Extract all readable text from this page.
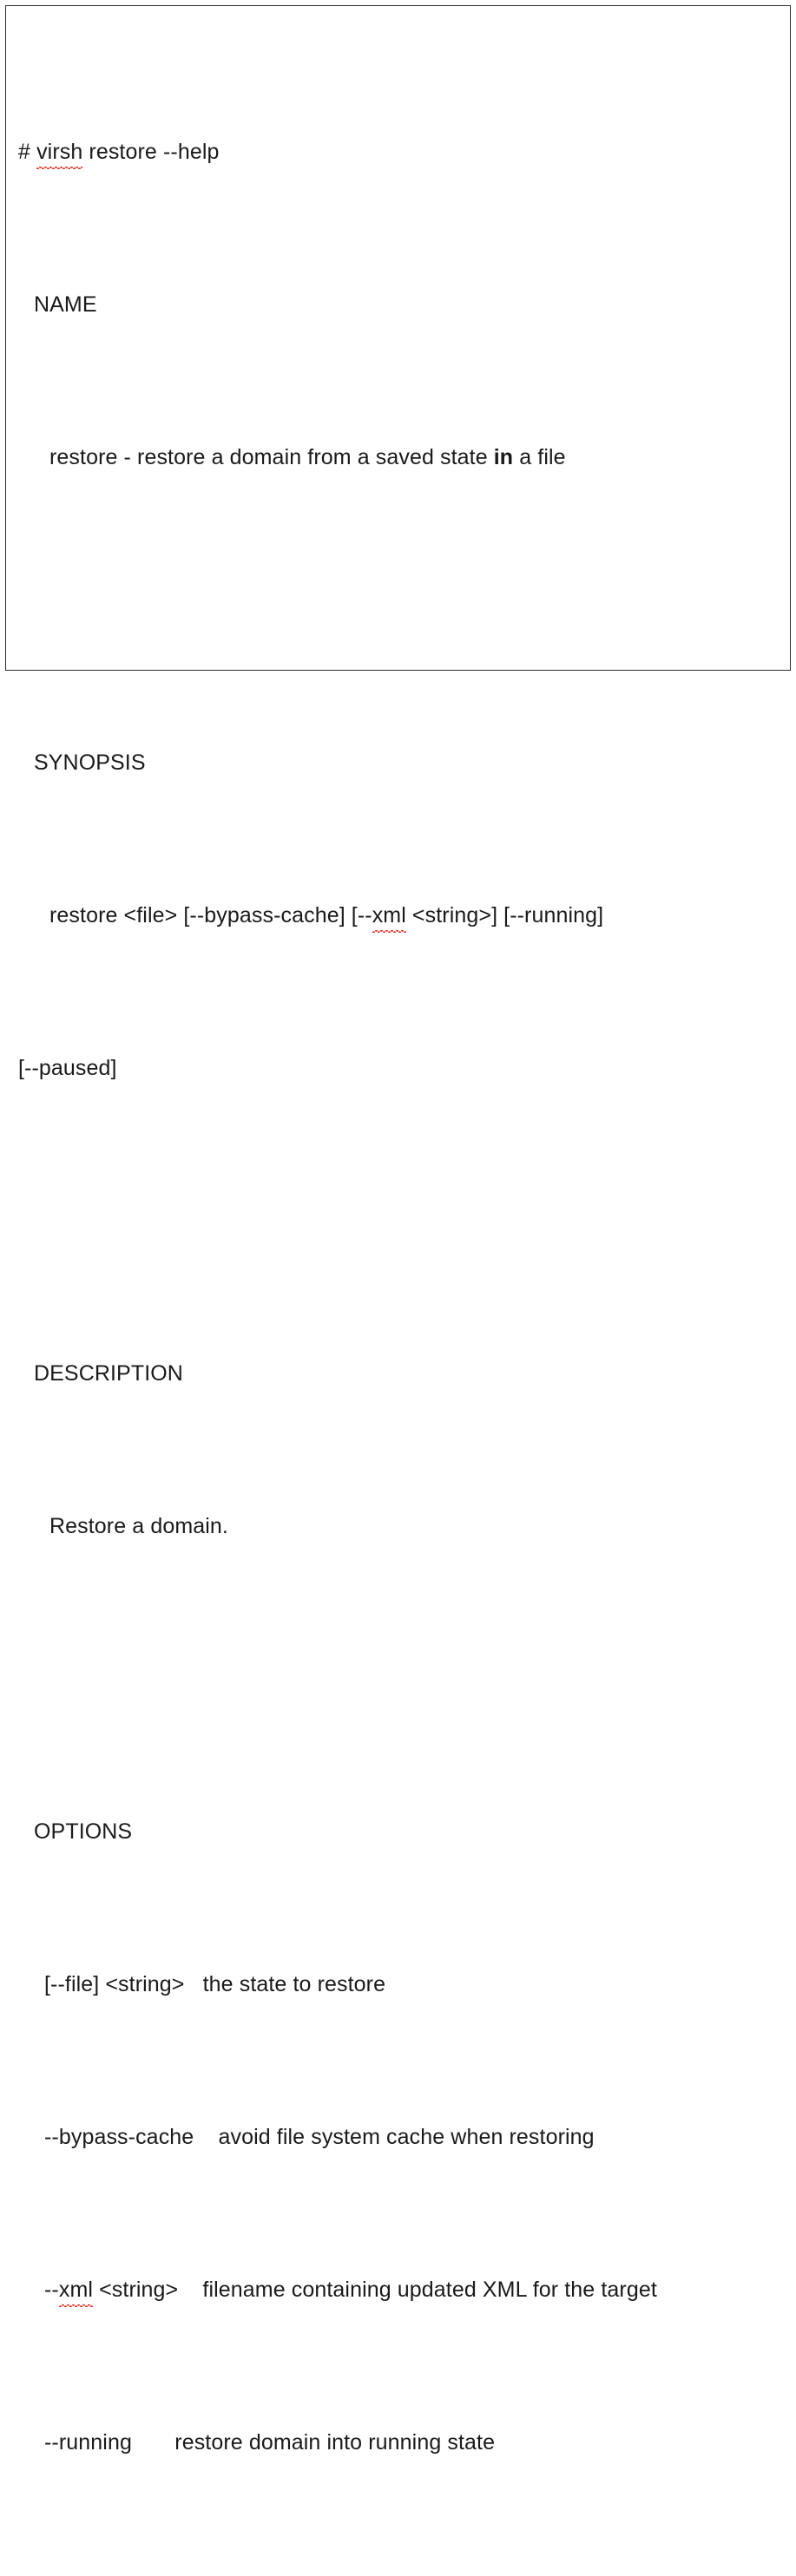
# virsh restore --help

NAME

restore - restore a domain from a saved state in a file

SYNOPSIS

restore <file> [--bypass-cache] [--xml <string>] [--running]

[--paused]

DESCRIPTION

Restore a domain.

OPTIONS

[--file] <string> the state to restore

--bypass-cache avoid file system cache when restoring

--xml <string> filename containing updated XML for the target

--running restore domain into running state
